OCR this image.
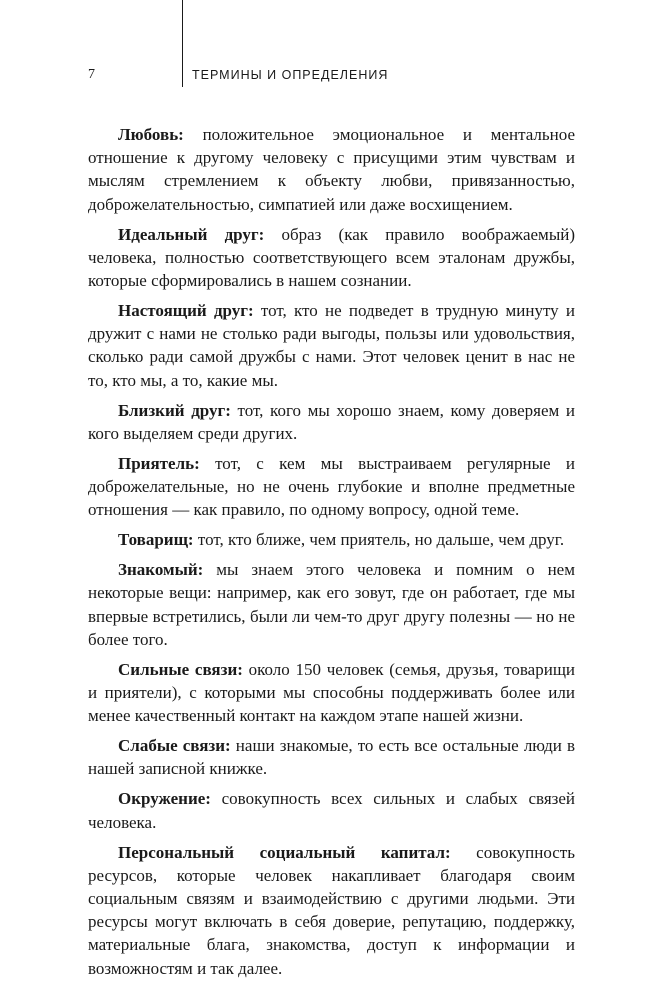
7	ТЕРМИНЫ И ОПРЕДЕЛЕНИЯ

Любовь: положительное эмоциональное и ментальное отношение к другому человеку с присущими этим чувствам и мыслям стремлением к объекту любви, привязанностью, доброжелательностью, симпатией или даже восхищением.

Идеальный друг: образ (как правило воображаемый) человека, полностью соответствующего всем эталонам дружбы, которые сформировались в нашем сознании.

Настоящий друг: тот, кто не подведет в трудную минуту и дружит с нами не столько ради выгоды, пользы или удовольствия, сколько ради самой дружбы с нами. Этот человек ценит в нас не то, кто мы, а то, какие мы.

Близкий друг: тот, кого мы хорошо знаем, кому доверяем и кого выделяем среди других.

Приятель: тот, с кем мы выстраиваем регулярные и доброжелательные, но не очень глубокие и вполне предметные отношения — как правило, по одному вопросу, одной теме.

Товарищ: тот, кто ближе, чем приятель, но дальше, чем друг.

Знакомый: мы знаем этого человека и помним о нем некоторые вещи: например, как его зовут, где он работает, где мы впервые встретились, были ли чем-то друг другу полезны — но не более того.

Сильные связи: около 150 человек (семья, друзья, товарищи и приятели), с которыми мы способны поддерживать более или менее качественный контакт на каждом этапе нашей жизни.

Слабые связи: наши знакомые, то есть все остальные люди в нашей записной книжке.

Окружение: совокупность всех сильных и слабых связей человека.

Персональный социальный капитал: совокупность ресурсов, которые человек накапливает благодаря своим социальным связям и взаимодействию с другими людьми. Эти ресурсы могут включать в себя доверие, репутацию, поддержку, материальные блага, знакомства, доступ к информации и возможностям и так далее.
